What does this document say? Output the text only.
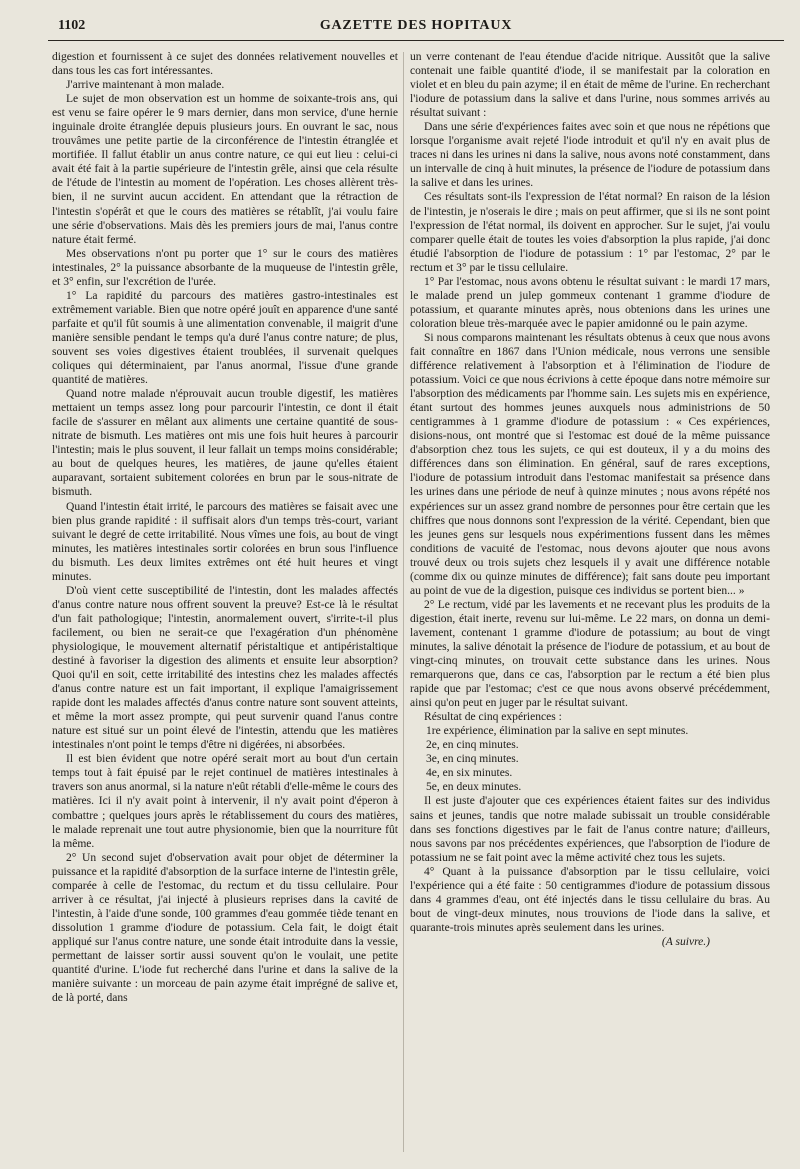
1102	GAZETTE DES HOPITAUX

digestion et fournissent à ce sujet des données relativement nouvelles et dans tous les cas fort intéressantes.

J'arrive maintenant à mon malade.

Le sujet de mon observation est un homme de soixante-trois ans, qui est venu se faire opérer le 9 mars dernier, dans mon service, d'une hernie inguinale droite étranglée depuis plusieurs jours. En ouvrant le sac, nous trouvâmes une petite partie de la circonférence de l'intestin étranglée et mortifiée. Il fallut établir un anus contre nature, ce qui eut lieu : celui-ci avait été fait à la partie supérieure de l'intestin grêle, ainsi que cela résulte de l'étude de l'intestin au moment de l'opération. Les choses allèrent très-bien, il ne survint aucun accident. En attendant que la rétraction de l'intestin s'opérât et que le cours des matières se rétablît, j'ai voulu faire une série d'observations. Mais dès les premiers jours de mai, l'anus contre nature était fermé.

Mes observations n'ont pu porter que 1° sur le cours des matières intestinales, 2° la puissance absorbante de la muqueuse de l'intestin grêle, et 3° enfin, sur l'excrétion de l'urée.

1° La rapidité du parcours des matières gastro-intestinales est extrêmement variable. Bien que notre opéré jouît en apparence d'une santé parfaite et qu'il fût soumis à une alimentation convenable, il maigrit d'une manière sensible pendant le temps qu'a duré l'anus contre nature; de plus, souvent ses voies digestives étaient troublées, il survenait quelques coliques qui déterminaient, par l'anus anormal, l'issue d'une grande quantité de matières.

Quand notre malade n'éprouvait aucun trouble digestif, les matières mettaient un temps assez long pour parcourir l'intestin, ce dont il était facile de s'assurer en mêlant aux aliments une certaine quantité de sous-nitrate de bismuth. Les matières ont mis une fois huit heures à parcourir l'intestin; mais le plus souvent, il leur fallait un temps moins considérable; au bout de quelques heures, les matières, de jaune qu'elles étaient auparavant, sortaient subitement colorées en brun par le sous-nitrate de bismuth.

Quand l'intestin était irrité, le parcours des matières se faisait avec une bien plus grande rapidité : il suffisait alors d'un temps très-court, variant suivant le degré de cette irritabilité. Nous vîmes une fois, au bout de vingt minutes, les matières intestinales sortir colorées en brun sous l'influence du bismuth. Les deux limites extrêmes ont été huit heures et vingt minutes.

D'où vient cette susceptibilité de l'intestin, dont les malades affectés d'anus contre nature nous offrent souvent la preuve? Est-ce là le résultat d'un fait pathologique; l'intestin, anormalement ouvert, s'irrite-t-il plus facilement, ou bien ne serait-ce que l'exagération d'un phénomène physiologique, le mouvement alternatif péristaltique et antipéristaltique destiné à favoriser la digestion des aliments et ensuite leur absorption? Quoi qu'il en soit, cette irritabilité des intestins chez les malades affectés d'anus contre nature est un fait important, il explique l'amaigrissement rapide dont les malades affectés d'anus contre nature sont souvent atteints, et même la mort assez prompte, qui peut survenir quand l'anus contre nature est situé sur un point élevé de l'intestin, attendu que les matières intestinales n'ont point le temps d'être ni digérées, ni absorbées.

Il est bien évident que notre opéré serait mort au bout d'un certain temps tout à fait épuisé par le rejet continuel de matières intestinales à travers son anus anormal, si la nature n'eût rétabli d'elle-même le cours des matières. Ici il n'y avait point à intervenir, il n'y avait point d'éperon à combattre ; quelques jours après le rétablissement du cours des matières, le malade reprenait une tout autre physionomie, bien que la nourriture fût la même.

2° Un second sujet d'observation avait pour objet de déterminer la puissance et la rapidité d'absorption de la surface interne de l'intestin grêle, comparée à celle de l'estomac, du rectum et du tissu cellulaire. Pour arriver à ce résultat, j'ai injecté à plusieurs reprises dans la cavité de l'intestin, à l'aide d'une sonde, 100 grammes d'eau gommée tiède tenant en dissolution 1 gramme d'iodure de potassium. Cela fait, le doigt était appliqué sur l'anus contre nature, une sonde était introduite dans la vessie, permettant de laisser sortir aussi souvent qu'on le voulait, une petite quantité d'urine. L'iode fut recherché dans l'urine et dans la salive de la manière suivante : un morceau de pain azyme était imprégné de salive et, de là porté, dans

un verre contenant de l'eau étendue d'acide nitrique. Aussitôt que la salive contenait une faible quantité d'iode, il se manifestait par la coloration en violet et en bleu du pain azyme; il en était de même de l'urine. En recherchant l'iodure de potassium dans la salive et dans l'urine, nous sommes arrivés au résultat suivant :

Dans une série d'expériences faites avec soin et que nous ne répétions que lorsque l'organisme avait rejeté l'iode introduit et qu'il n'y en avait plus de traces ni dans les urines ni dans la salive, nous avons noté constamment, dans un intervalle de cinq à huit minutes, la présence de l'iodure de potassium dans la salive et dans les urines.

Ces résultats sont-ils l'expression de l'état normal? En raison de la lésion de l'intestin, je n'oserais le dire ; mais on peut affirmer, que si ils ne sont point l'expression de l'état normal, ils doivent en approcher. Sur le sujet, j'ai voulu comparer quelle était de toutes les voies d'absorption la plus rapide, j'ai donc étudié l'absorption de l'iodure de potassium : 1° par l'estomac, 2° par le rectum et 3° par le tissu cellulaire.

1° Par l'estomac, nous avons obtenu le résultat suivant : le mardi 17 mars, le malade prend un julep gommeux contenant 1 gramme d'iodure de potassium, et quarante minutes après, nous obtenions dans les urines une coloration bleue très-marquée avec le papier amidonné ou le pain azyme.

Si nous comparons maintenant les résultats obtenus à ceux que nous avons fait connaître en 1867 dans l'Union médicale, nous verrons une sensible différence relativement à l'absorption et à l'élimination de l'iodure de potassium. Voici ce que nous écrivions à cette époque dans notre mémoire sur l'absorption des médicaments par l'homme sain. Les sujets mis en expérience, étant surtout des hommes jeunes auxquels nous administrions de 50 centigrammes à 1 gramme d'iodure de potassium : « Ces expériences, disions-nous, ont montré que si l'estomac est doué de la même puissance d'absorption chez tous les sujets, ce qui est douteux, il y a du moins des différences dans son élimination. En général, sauf de rares exceptions, l'iodure de potassium introduit dans l'estomac manifestait sa présence dans les urines dans une période de neuf à quinze minutes ; nous avons répété nos expériences sur un assez grand nombre de personnes pour être certain que les chiffres que nous donnons sont l'expression de la vérité. Cependant, bien que les jeunes gens sur lesquels nous expérimentions fussent dans les mêmes conditions de vacuité de l'estomac, nous devons ajouter que nous avons trouvé deux ou trois sujets chez lesquels il y avait une différence notable (comme dix ou quinze minutes de différence); fait sans doute peu important au point de vue de la digestion, puisque ces individus se portent bien... »

2° Le rectum, vidé par les lavements et ne recevant plus les produits de la digestion, était inerte, revenu sur lui-même. Le 22 mars, on donna un demi-lavement, contenant 1 gramme d'iodure de potassium; au bout de vingt minutes, la salive dénotait la présence de l'iodure de potassium, et au bout de vingt-cinq minutes, on trouvait cette substance dans les urines. Nous remarquerons que, dans ce cas, l'absorption par le rectum a été bien plus rapide que par l'estomac; c'est ce que nous avons observé précédemment, ainsi qu'on peut en juger par le résultat suivant.

Résultat de cinq expériences :

1re expérience, élimination par la salive en sept minutes.
2e, en cinq minutes.
3e, en cinq minutes.
4e, en six minutes.
5e, en deux minutes.

Il est juste d'ajouter que ces expériences étaient faites sur des individus sains et jeunes, tandis que notre malade subissait un trouble considérable dans ses fonctions digestives par le fait de l'anus contre nature; d'ailleurs, nous savons par nos précédentes expériences, que l'absorption de l'iodure de potassium ne se fait point avec la même activité chez tous les sujets.

4° Quant à la puissance d'absorption par le tissu cellulaire, voici l'expérience qui a été faite : 50 centigrammes d'iodure de potassium dissous dans 4 grammes d'eau, ont été injectés dans le tissu cellulaire du bras. Au bout de vingt-deux minutes, nous trouvions de l'iode dans la salive, et quarante-trois minutes après seulement dans les urines.

(A suivre.)
